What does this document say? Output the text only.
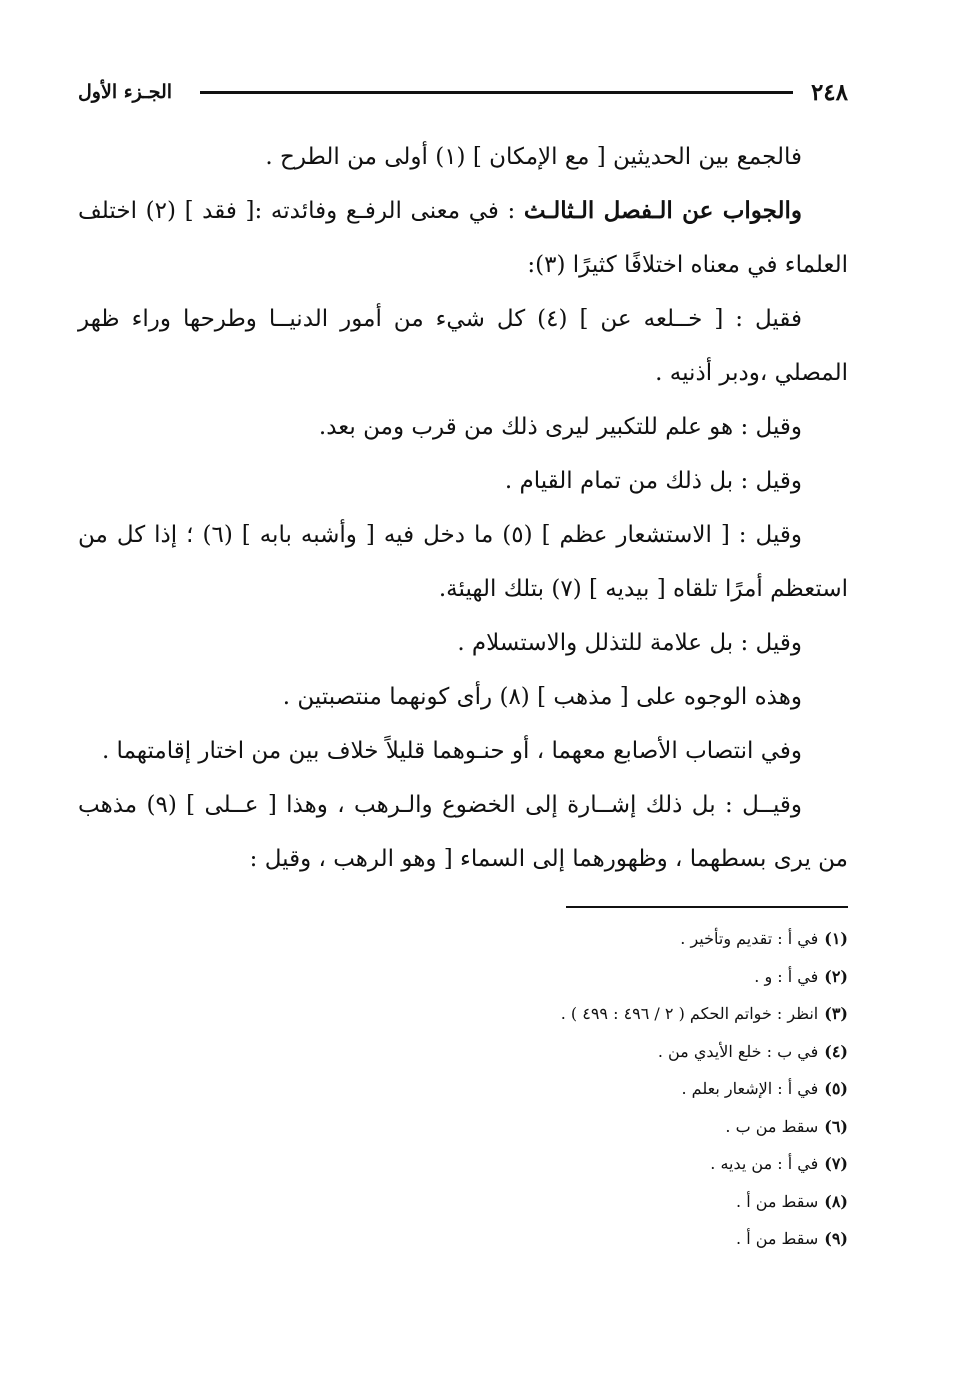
٢٤٨
الجـزء الأول

فالجمع بين الحديثين [ مع الإمكان ] (١) أولى من الطرح .

والجواب عن الـفصل الـثالـث : في معنى الرفـع وفائدته :[ فقد ] (٢) اختلف العلماء في معناه اختلافًا كثيرًا (٣):

فقيل : [ خــلعه عن ] (٤) كل شيء من أمور الدنيــا وطرحها وراء ظهر المصلي ،ودبر أذنيه .

وقيل : هو علم للتكبير ليرى ذلك من قرب ومن بعد.

وقيل : بل ذلك من تمام القيام .

وقيل : [ الاستشعار عظم ] (٥) ما دخل فيه [ وأشبه بابه ] (٦) ؛ إذا كل من استعظم أمرًا تلقاه [ بيديه ] (٧) بتلك الهيئة.

وقيل : بل علامة للتذلل والاستسلام .

وهذه الوجوه على [ مذهب ] (٨) رأى كونهما منتصبتين .

وفي انتصاب الأصابع معهما ، أو حنـوهما قليلاً خلاف بين من اختار إقامتهما .

وقيــل : بل ذلك إشــارة إلى الخضوع والـرهب ، وهذا [ عــلى ] (٩) مذهب من يرى بسطهما ، وظهورهما إلى السماء [ وهو الرهب ، وقيل :

(١)في أ : تقديم وتأخير .

(٢)في أ : و .

(٣)انظر : خواتم الحكم ( ٢ / ٤٩٦ : ٤٩٩ ) .

(٤)في ب : خلع الأيدي من .

(٥)في أ : الإشعار بعلم .

(٦)سقط من ب .

(٧)في أ : من يديه .

(٨)سقط من أ .

(٩)سقط من أ .
